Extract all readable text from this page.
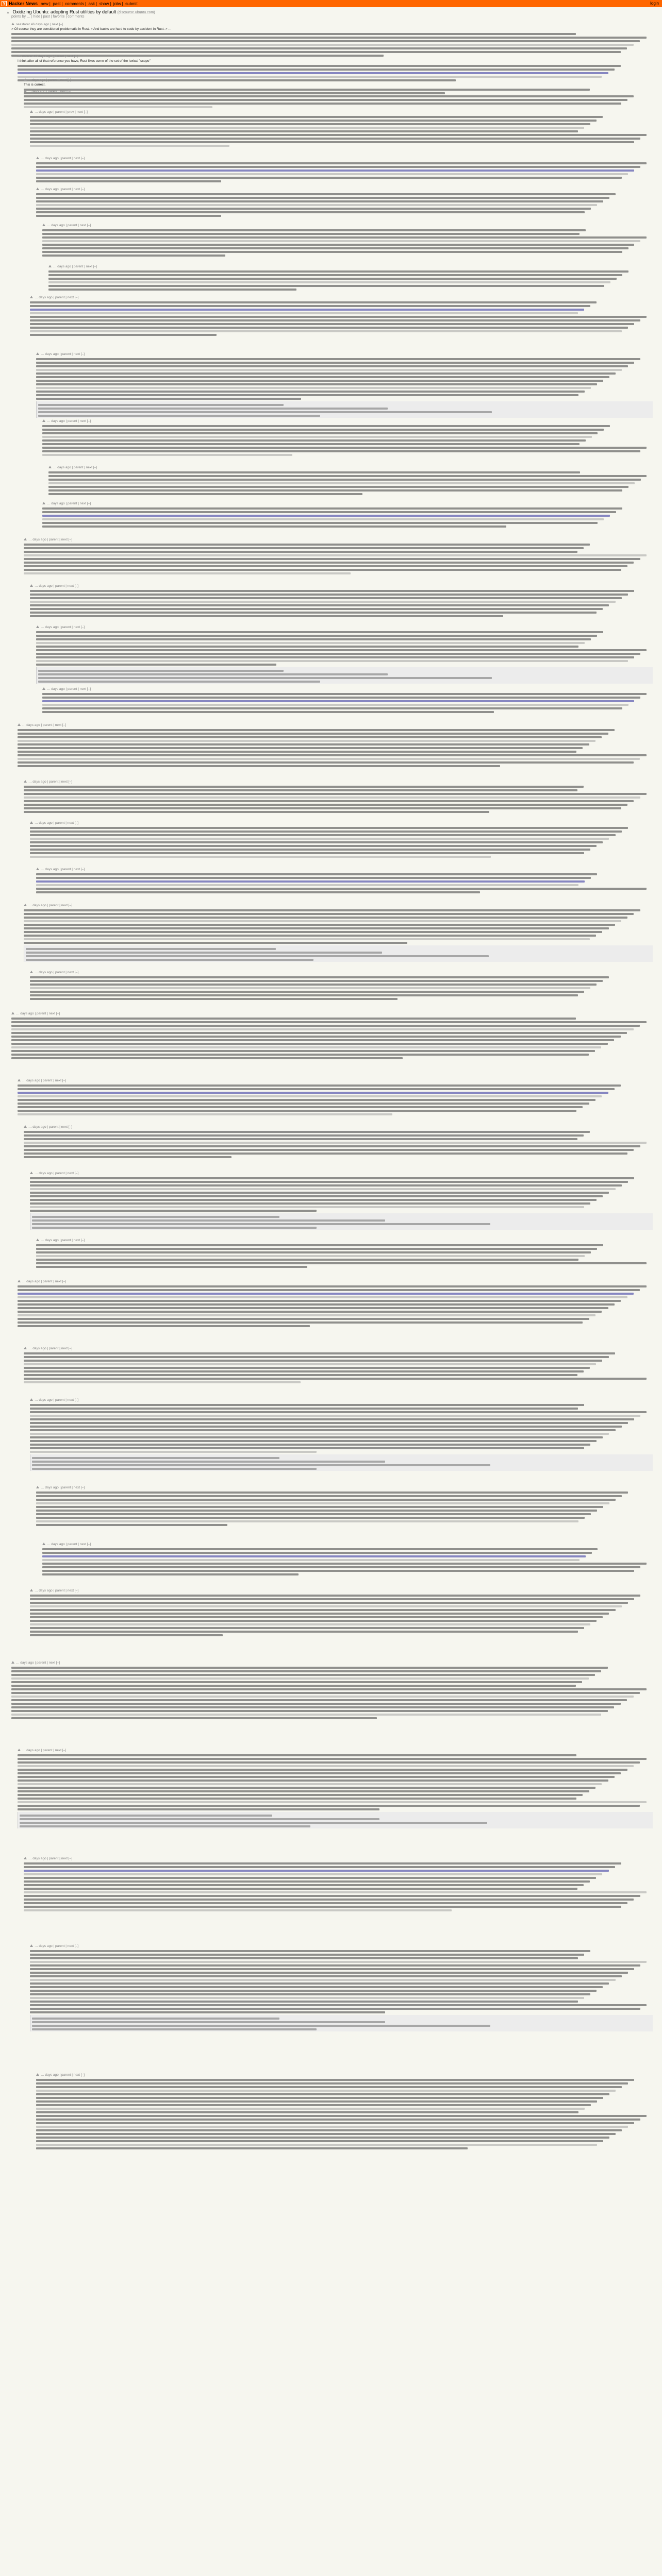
Y Hacker News new | past | comments | ask | show | jobs | submit	login
▲ Oxidizing Ubuntu: adopting Rust utilities by default (discourse.ubuntu.com)
points by … | hide | past | favorite | comments
seastarer 46 days ago | next [–]
> Of course they are considered problematic in Rust. > And backs are hard to code by accident in Rust. > …
nstarer 46 days ago | parent | next [–]
I think after all of that reference you have, Rust fixes some of the set of the lexical "scope"
…days ago | parent | next [–]
This is correct.
…days ago | parent | next [–]
… days ago | parent | prev | next [–]
… days ago | parent | next [–]
… days ago | parent | next [–]
… days ago | parent | next [–]
… days ago | parent | next [–]
… days ago | parent | next [–]
… days ago | parent | next [–]
… days ago | parent | next [–]
… days ago | parent | next [–]
… days ago | parent | next [–]
… days ago | parent | next [–]
… days ago | parent | next [–]
… days ago | parent | next [–]
… days ago | parent | next [–]
… days ago | parent | next [–]
… days ago | parent | next [–]
… days ago | parent | next [–]
… days ago | parent | next [–]
… days ago | parent | next [–]
… days ago | parent | next [–]
… days ago | parent | next [–]
… days ago | parent | next [–]
… days ago | parent | next [–]
… days ago | parent | next [–]
… days ago | parent | next [–]
… days ago | parent | next [–]
… days ago | parent | next [–]
… days ago | parent | next [–]
… days ago | parent | next [–]
… days ago | parent | next [–]
… days ago | parent | next [–]
… days ago | parent | next [–]
… days ago | parent | next [–]
… days ago | parent | next [–]
… days ago | parent | next [–]
… days ago | parent | next [–]
